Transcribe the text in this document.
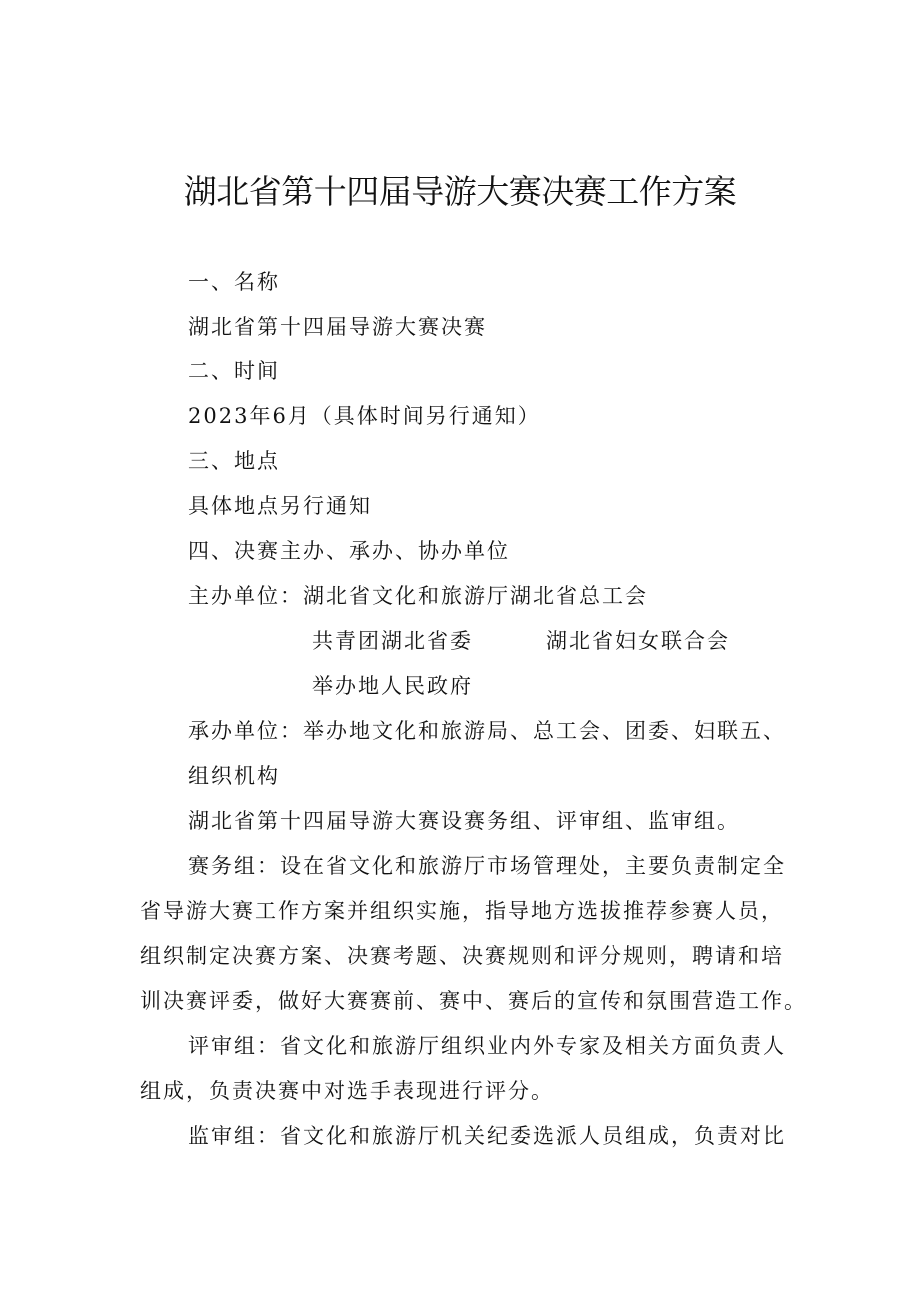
湖北省第十四届导游大赛决赛工作方案

一、名称

湖北省第十四届导游大赛决赛

二、时间

2023年6月（具体时间另行通知）

三、地点

具体地点另行通知

四、决赛主办、承办、协办单位

主办单位：湖北省文化和旅游厅湖北省总工会

共青团湖北省委	湖北省妇女联合会

举办地人民政府

承办单位：举办地文化和旅游局、总工会、团委、妇联五、

组织机构

湖北省第十四届导游大赛设赛务组、评审组、监审组。

赛务组：设在省文化和旅游厅市场管理处，主要负责制定全

省导游大赛工作方案并组织实施，指导地方选拔推荐参赛人员，

组织制定决赛方案、决赛考题、决赛规则和评分规则，聘请和培

训决赛评委，做好大赛赛前、赛中、赛后的宣传和氛围营造工作。

评审组：省文化和旅游厅组织业内外专家及相关方面负责人

组成，负责决赛中对选手表现进行评分。

监审组：省文化和旅游厅机关纪委选派人员组成，负责对比
